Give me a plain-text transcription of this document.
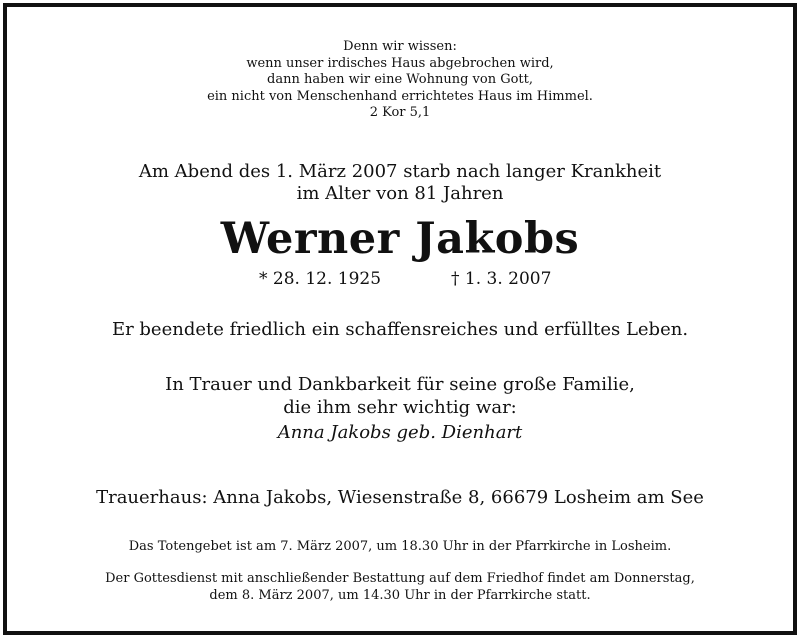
Denn wir wissen:
wenn unser irdisches Haus abgebrochen wird,
dann haben wir eine Wohnung von Gott,
ein nicht von Menschenhand errichtetes Haus im Himmel.
2 Kor 5,1
Am Abend des 1. März 2007 starb nach langer Krankheit
im Alter von 81 Jahren
Werner Jakobs
* 28. 12. 1925	† 1. 3. 2007
Er beendete friedlich ein schaffensreiches und erfülltes Leben.
In Trauer und Dankbarkeit für seine große Familie,
die ihm sehr wichtig war:
Anna Jakobs geb. Dienhart
Trauerhaus: Anna Jakobs, Wiesenstraße 8, 66679 Losheim am See
Das Totengebet ist am 7. März 2007, um 18.30 Uhr in der Pfarrkirche in Losheim.
Der Gottesdienst mit anschließender Bestattung auf dem Friedhof findet am Donnerstag,
dem 8. März 2007, um 14.30 Uhr in der Pfarrkirche statt.
